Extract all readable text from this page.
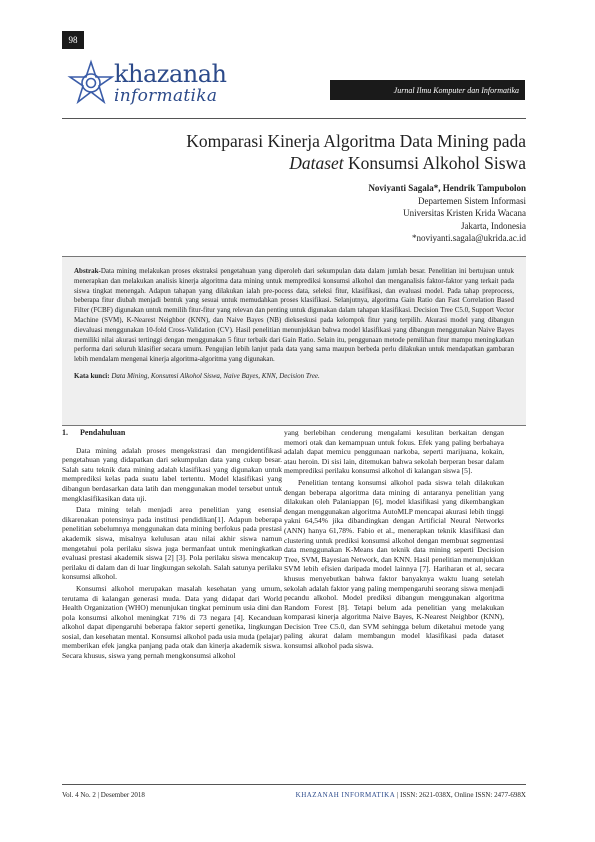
98
khazanah
informatika	Jurnal Ilmu Komputer dan Informatika
Komparasi Kinerja Algoritma Data Mining pada
Dataset Konsumsi Alkohol Siswa
Noviyanti Sagala*, Hendrik Tampubolon
Departemen Sistem Informasi
Universitas Kristen Krida Wacana
Jakarta, Indonesia
*noviyanti.sagala@ukrida.ac.id
Abstrak-Data mining melakukan proses ekstraksi pengetahuan yang diperoleh dari sekumpulan data dalam jumlah besar. Penelitian ini bertujuan untuk menerapkan dan melakukan analisis kinerja algoritma data mining untuk memprediksi konsumsi alkohol dan menganalisis faktor-faktor yang terkait pada siswa tingkat menengah. Adapun tahapan yang dilakukan ialah pre-pocess data, seleksi fitur, klasifikasi, dan evaluasi model. Pada tahap preprocess, beberapa fitur diubah menjadi bentuk yang sesuai untuk memudahkan proses klasifikasi. Selanjutnya, algoritma Gain Ratio dan Fast Correlation Based Filter (FCBF) digunakan untuk memilih fitur-fitur yang relevan dan penting untuk digunakan dalam tahapan klasifikasi. Decision Tree C5.0, Support Vector Machine (SVM), K-Nearest Neighbor (KNN), dan Naive Bayes (NB) diekseskusi pada kelompok fitur yang terpilih. Akurasi model yang dibangun dievaluasi menggunakan 10-fold Cross-Validation (CV). Hasil penelitian menunjukkan bahwa model klasifikasi yang dibangun menggunakan Naive Bayes memiliki nilai akurasi tertinggi dengan menggunakan 5 fitur terbaik dari Gain Ratio. Selain itu, penggunaan metode pemilihan fitur mampu meningkatkan performa dari seluruh klasifier secara umum. Pengujian lebih lanjut pada data yang sama maupun berbeda perlu dilakukan untuk mendapatkan gambaran lebih mendalam mengenai kinerja algoritma-algoritma yang digunakan.
Kata kunci: Data Mining, Konsumsi Alkohol Siswa, Naive Bayes, KNN, Decision Tree.
1. Pendahuluan

Data mining adalah proses mengekstrasi dan mengidentifikasi pengetahuan yang didapatkan dari sekumpulan data yang cukup besar. Salah satu teknik data mining adalah klasifikasi yang digunakan untuk memprediksi kelas pada suatu label tertentu. Model klasifikasi yang dibangun berdasarkan data latih dan menggunakan model tersebut untuk mengklasifikasikan data uji.

Data mining telah menjadi area penelitian yang esensial dikarenakan potensinya pada institusi pendidikan[1]. Adapun beberapa penelitian sebelumnya menggunakan data mining berfokus pada prestasi akademik siswa, misalnya kelulusan atau nilai akhir siswa namun mengetahui pola perilaku siswa juga bermanfaat untuk meningkatkan evaluasi prestasi akademik siswa [2] [3]. Pola perilaku siswa mencakup perilaku di dalam dan di luar lingkungan sekolah. Salah satunya perilaku konsumsi alkohol.

Konsumsi alkohol merupakan masalah kesehatan yang umum, terutama di kalangan generasi muda. Data yang didapat dari World Health Organization (WHO) menunjukan tingkat peminum usia dini dan pola konsumsi alkohol meningkat 71% di 73 negara [4]. Kecanduan alkohol dapat dipengaruhi beberapa faktor seperti genetika, lingkungan sosial, dan kesehatan mental. Konsumsi alkohol pada usia muda (pelajar) memberikan efek jangka panjang pada otak dan kinerja akademik siswa. Secara khusus, siswa yang pernah mengkonsumsi alkohol

yang berlebihan cenderung mengalami kesulitan berkaitan dengan memori otak dan kemampuan untuk fokus. Efek yang paling berbahaya adalah dapat memicu penggunaan narkoba, seperti marijuana, kokain, atau heroin. Di sisi lain, ditemukan bahwa sekolah berperan besar dalam memprediksi perilaku konsumsi alkohol di kalangan siswa [5].

Penelitian tentang konsumsi alkohol pada siswa telah dilakukan dengan beberapa algoritma data mining di antaranya penelitian yang dilakukan oleh Palaniappan [6], model klasifikasi yang dikembangkan dengan menggunakan algoritma AutoMLP mencapai akurasi lebih tinggi yakni 64,54% jika dibandingkan dengan Artificial Neural Networks (ANN) hanya 61,78%. Fabio et al., menerapkan teknik klasifikasi dan clustering untuk prediksi konsumsi alkohol dengan membuat segmentasi data menggunakan K-Means dan teknik data mining seperti Decision Tree, SVM, Bayesian Network, dan KNN. Hasil penelitian menunjukkan SVM lebih efisien daripada model lainnya [7]. Hariharan et al, secara khusus menyebutkan bahwa faktor banyaknya waktu luang setelah sekolah adalah faktor yang paling mempengaruhi seorang siswa menjadi pecandu alkohol. Model prediksi dibangun menggunakan algoritma Random Forest [8]. Tetapi belum ada penelitian yang melakukan komparasi kinerja algoritma Naive Bayes, K-Nearest Neighbor (KNN), Decision Tree C5.0, dan SVM sehingga belum diketahui metode yang paling akurat dalam membangun model klasifikasi pada dataset konsumsi alkohol pada siswa.

Vol. 4 No. 2 | Desember 2018	KHAZANAH INFORMATIKA | ISSN: 2621-038X, Online ISSN: 2477-698X
